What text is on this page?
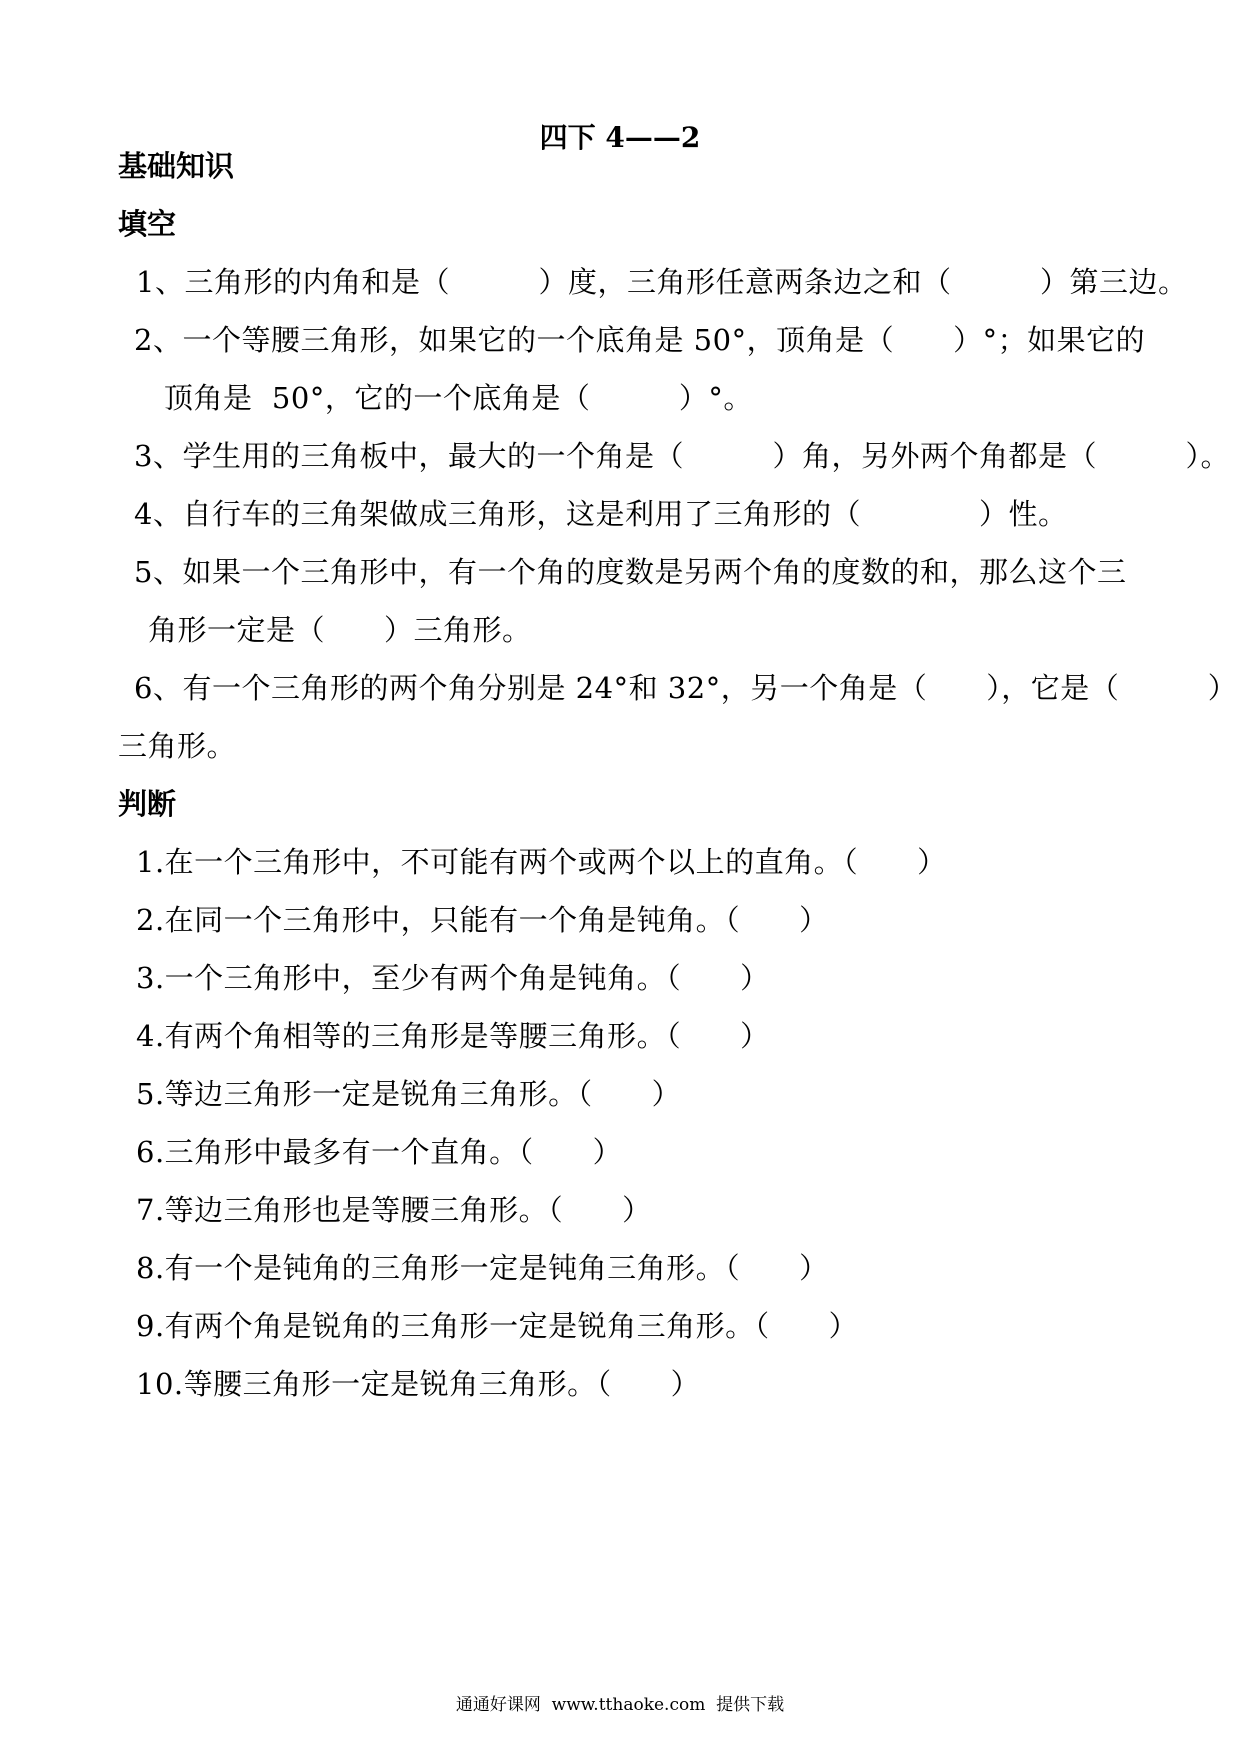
四下 4——2
基础知识
填空
1、三角形的内角和是（　　　）度，三角形任意两条边之和（　　　）第三边。
2、一个等腰三角形，如果它的一个底角是 50°，顶角是（　　）°；如果它的
顶角是  50°，它的一个底角是（　　　）°。
3、学生用的三角板中，最大的一个角是（　　　）角，另外两个角都是（　　　）。
4、自行车的三角架做成三角形，这是利用了三角形的（　　　　）性。
5、如果一个三角形中，有一个角的度数是另两个角的度数的和，那么这个三
角形一定是（　　）三角形。
6、有一个三角形的两个角分别是 24°和 32°，另一个角是（　　），它是（　　　）
三角形。
判断
1.在一个三角形中，不可能有两个或两个以上的直角。（　　）
2.在同一个三角形中，只能有一个角是钝角。（　　）
3.一个三角形中，至少有两个角是钝角。（　　）
4.有两个角相等的三角形是等腰三角形。（　　）
5.等边三角形一定是锐角三角形。（　　）
6.三角形中最多有一个直角。（　　）
7.等边三角形也是等腰三角形。（　　）
8.有一个是钝角的三角形一定是钝角三角形。（　　）
9.有两个角是锐角的三角形一定是锐角三角形。（　　）
10.等腰三角形一定是锐角三角形。（　　）
通通好课网  www.tthaoke.com  提供下载
